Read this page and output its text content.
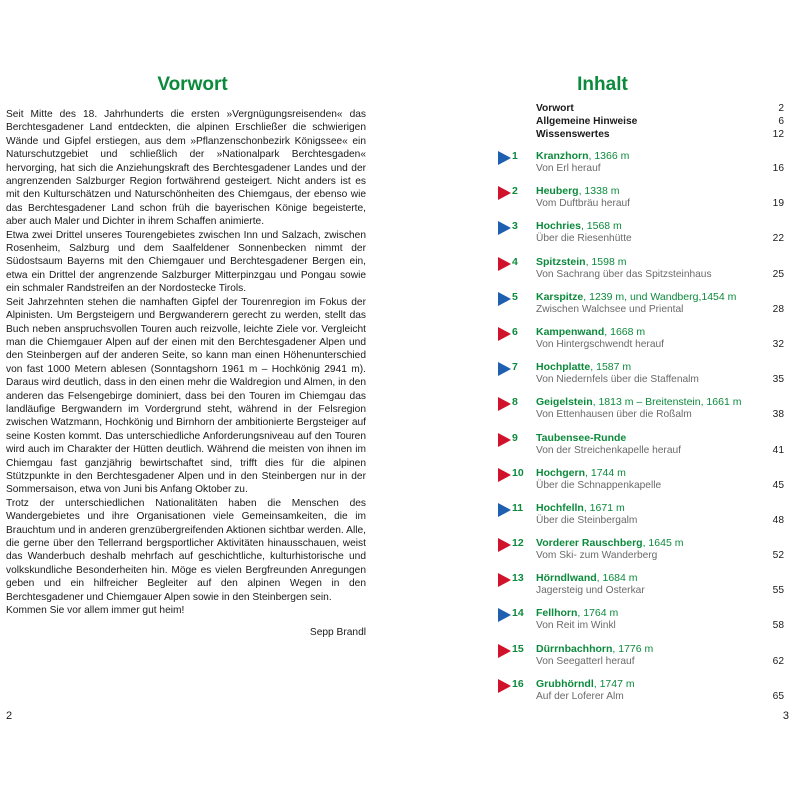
Vorwort

Seit Mitte des 18. Jahrhunderts die ersten »Vergnügungsreisenden« das Berchtesgadener Land entdeckten, die alpinen Erschließer die schwierigen Wände und Gipfel erstiegen, aus dem »Pflanzenschonbezirk Königssee« ein Naturschutzgebiet und schließlich der »Nationalpark Berchtesgaden« hervorging, hat sich die Anziehungskraft des Berchtesgadener Landes und der angrenzenden Salzburger Region fortwährend gesteigert. Nicht anders ist es mit den Kulturschätzen und Naturschönheiten des Chiemgaus, der ebenso wie das Berchtesgadener Land schon früh die bayerischen Könige begeisterte, aber auch Maler und Dichter in ihrem Schaffen animierte.

Etwa zwei Drittel unseres Tourengebietes zwischen Inn und Salzach, zwischen Rosenheim, Salzburg und dem Saalfeldener Sonnenbecken nimmt der Südostsaum Bayerns mit den Chiemgauer und Berchtesgadener Bergen ein, etwa ein Drittel der angrenzende Salzburger Mitterpinzgau und Pongau sowie ein schmaler Randstreifen an der Nordostecke Tirols.

Seit Jahrzehnten stehen die namhaften Gipfel der Tourenregion im Fokus der Alpinisten. Um Bergsteigern und Bergwanderern gerecht zu werden, stellt das Buch neben anspruchsvollen Touren auch reizvolle, leichte Ziele vor. Vergleicht man die Chiemgauer Alpen auf der einen mit den Berchtesgadener Alpen und den Steinbergen auf der anderen Seite, so kann man einen Höhenunterschied von fast 1000 Metern ablesen (Sonntagshorn 1961 m – Hochkönig 2941 m). Daraus wird deutlich, dass in den einen mehr die Waldregion und Almen, in den anderen das Felsengebirge dominiert, dass bei den Touren im Chiemgau das landläufige Bergwandern im Vordergrund steht, während in der Felsregion zwischen Watzmann, Hochkönig und Birnhorn der ambitionierte Bergsteiger auf seine Kosten kommt. Das unterschiedliche Anforderungsniveau auf den Touren wird auch im Charakter der Hütten deutlich. Während die meisten von ihnen im Chiemgau fast ganzjährig bewirtschaftet sind, trifft dies für die alpinen Stützpunkte in den Berchtesgadener Alpen und in den Steinbergen nur in der Sommersaison, etwa von Juni bis Anfang Oktober zu.

Trotz der unterschiedlichen Nationalitäten haben die Menschen des Wandergebietes und ihre Organisationen viele Gemeinsamkeiten, die im Brauchtum und in anderen grenzübergreifenden Aktionen sichtbar werden. Alle, die gerne über den Tellerrand bergsportlicher Aktivitäten hinausschauen, weist das Wanderbuch deshalb mehrfach auf geschichtliche, kulturhistorische und volkskundliche Besonderheiten hin. Möge es vielen Bergfreunden Anregungen geben und ein hilfreicher Begleiter auf den alpinen Wegen in den Berchtesgadener und Chiemgauer Alpen sowie in den Steinbergen sein.

Kommen Sie vor allem immer gut heim!

Sepp Brandl
2
Inhalt
Vorwort	2
Allgemeine Hinweise	6
Wissenswertes	12
1 Kranzhorn, 1366 m
Von Erl herauf	16
2 Heuberg, 1338 m
Vom Duftbräu herauf	19
3 Hochries, 1568 m
Über die Riesenhütte	22
4 Spitzstein, 1598 m
Von Sachrang über das Spitzsteinhaus	25
5 Karspitze, 1239 m, und Wandberg,1454 m
Zwischen Walchsee und Priental	28
6 Kampenwand, 1668 m
Von Hintergschwendt herauf	32
7 Hochplatte, 1587 m
Von Niedernfels über die Staffenalm	35
8 Geigelstein, 1813 m – Breitenstein, 1661 m
Von Ettenhausen über die Roßalm	38
9 Taubensee-Runde
Von der Streichenkapelle herauf	41
10 Hochgern, 1744 m
Über die Schnappenkapelle	45
11 Hochfelln, 1671 m
Über die Steinbergalm	48
12 Vorderer Rauschberg, 1645 m
Vom Ski- zum Wanderberg	52
13 Hörndlwand, 1684 m
Jagersteig und Osterkar	55
14 Fellhorn, 1764 m
Von Reit im Winkl	58
15 Dürrnbachhorn, 1776 m
Von Seegatterl herauf	62
16 Grubhörndl, 1747 m
Auf der Loferer Alm	65
3
